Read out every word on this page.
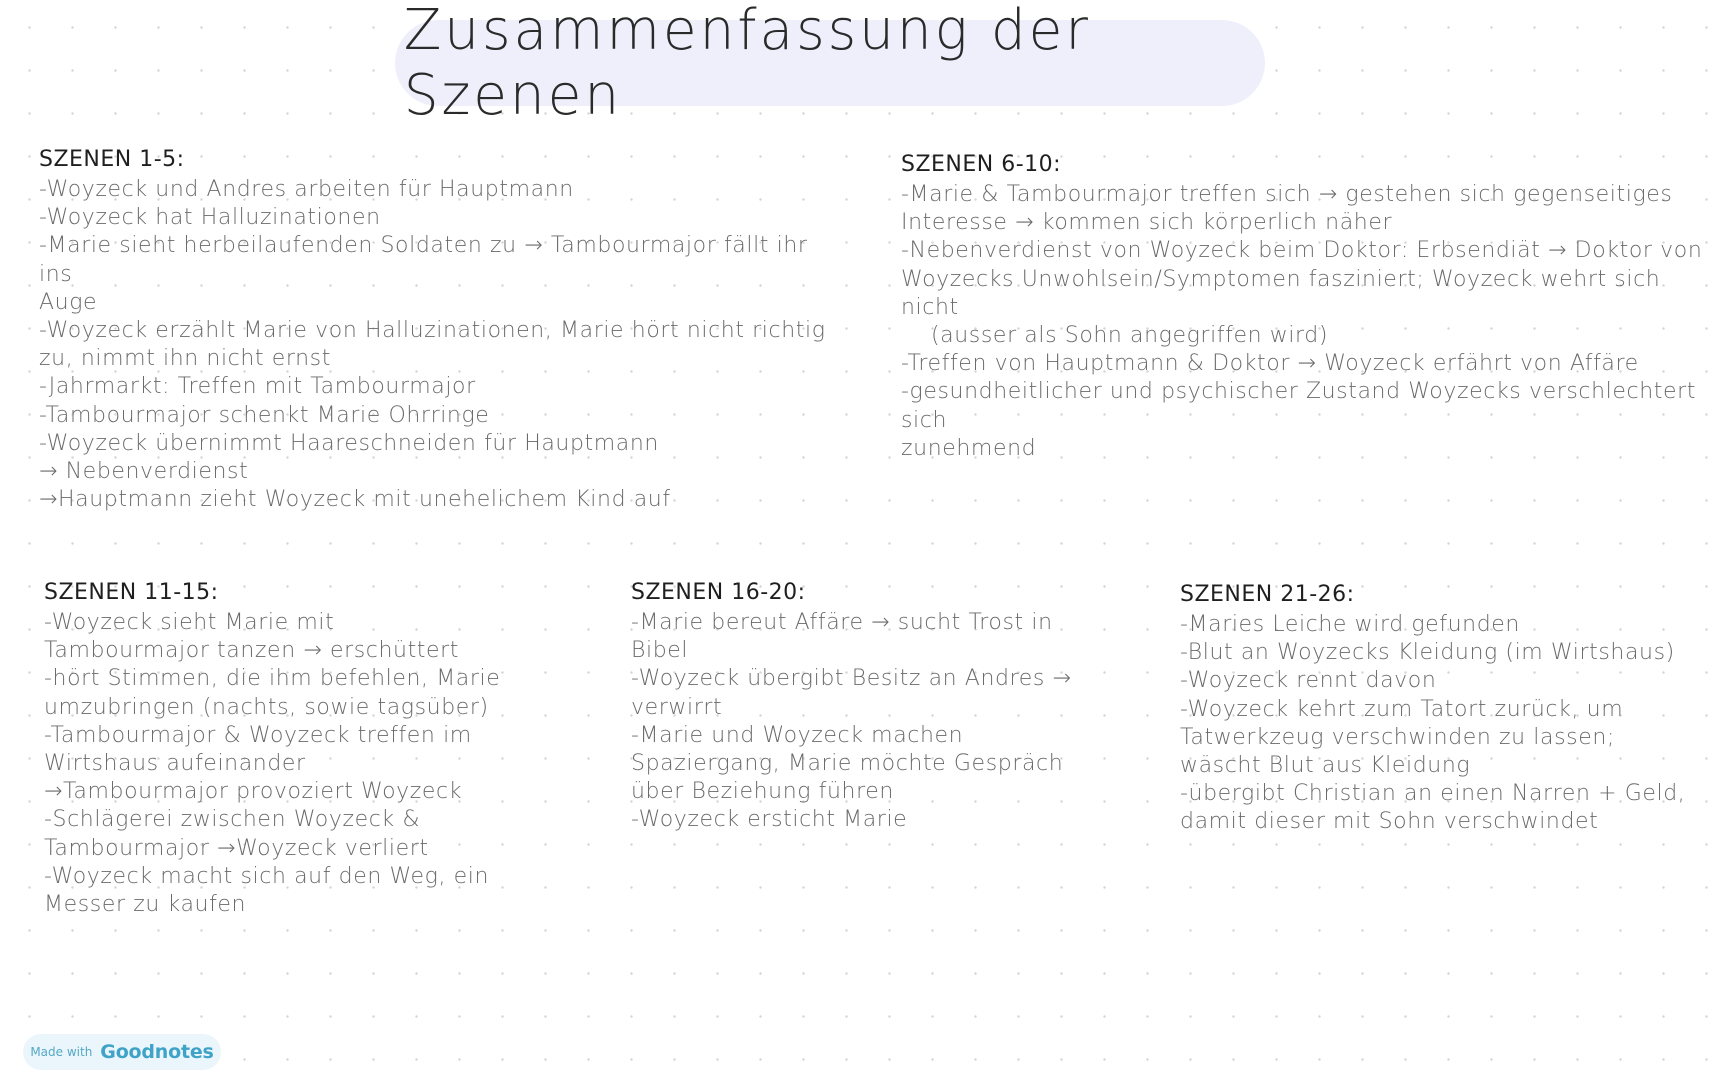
Zusammenfassung der Szenen
SZENEN 1-5:
-Woyzeck und Andres arbeiten für Hauptmann
-Woyzeck hat Halluzinationen
-Marie sieht herbeilaufenden Soldaten zu → Tambourmajor fällt ihr ins
Auge
-Woyzeck erzählt Marie von Halluzinationen, Marie hört nicht richtig
zu, nimmt ihn nicht ernst
-Jahrmarkt: Treffen mit Tambourmajor
-Tambourmajor schenkt Marie Ohrringe
-Woyzeck übernimmt Haareschneiden für Hauptmann
→ Nebenverdienst
→Hauptmann zieht Woyzeck mit unehelichem Kind auf
SZENEN 6-10:
-Marie & Tambourmajor treffen sich → gestehen sich gegenseitiges
Interesse → kommen sich körperlich näher
-Nebenverdienst von Woyzeck beim Doktor: Erbsendiät → Doktor von
Woyzecks Unwohlsein/Symptomen fasziniert; Woyzeck wehrt sich nicht
(ausser als Sohn angegriffen wird)
-Treffen von Hauptmann & Doktor → Woyzeck erfährt von Affäre
-gesundheitlicher und psychischer Zustand Woyzecks verschlechtert sich
zunehmend
SZENEN 11-15:
-Woyzeck sieht Marie mit
Tambourmajor tanzen → erschüttert
-hört Stimmen, die ihm befehlen, Marie
umzubringen (nachts, sowie tagsüber)
-Tambourmajor & Woyzeck treffen im
Wirtshaus aufeinander
→Tambourmajor provoziert Woyzeck
-Schlägerei zwischen Woyzeck &
Tambourmajor →Woyzeck verliert
-Woyzeck macht sich auf den Weg, ein
Messer zu kaufen
SZENEN 16-20:
-Marie bereut Affäre → sucht Trost in
Bibel
-Woyzeck übergibt Besitz an Andres →
verwirrt
-Marie und Woyzeck machen
Spaziergang, Marie möchte Gespräch
über Beziehung führen
-Woyzeck ersticht Marie
SZENEN 21-26:
-Maries Leiche wird gefunden
-Blut an Woyzecks Kleidung (im Wirtshaus)
-Woyzeck rennt davon
-Woyzeck kehrt zum Tatort zurück, um
Tatwerkzeug verschwinden zu lassen;
wäscht Blut aus Kleidung
-übergibt Christian an einen Narren + Geld,
damit dieser mit Sohn verschwindet
Made with Goodnotes
